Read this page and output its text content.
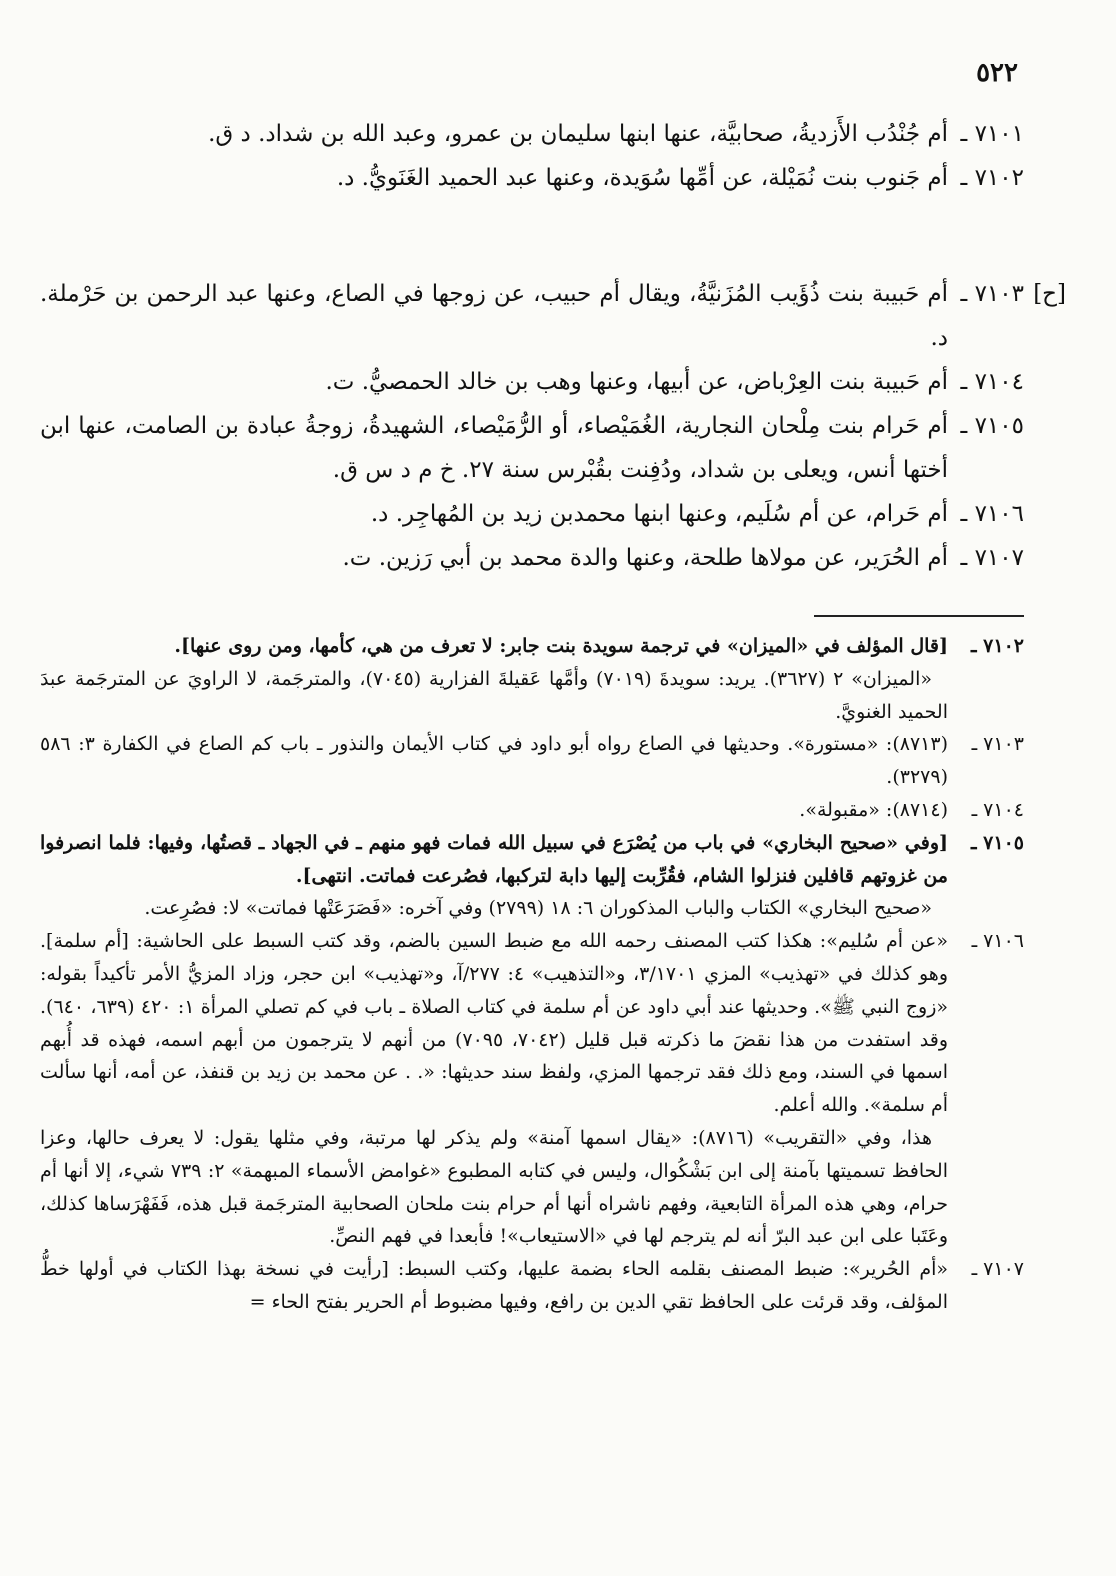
٥٢٢
٧١٠١ ـ
أم جُنْدُب الأَزديةُ، صحابيَّة، عنها ابنها سليمان بن عمرو، وعبد الله بن شداد. د ق.
٧١٠٢ ـ
أم جَنوب بنت نُمَيْلة، عن أمِّها سُوَيدة، وعنها عبد الحميد الغَنَويُّ. د.
[ح]
٧١٠٣ ـ
أم حَبيبة بنت ذُؤَيب المُزَنيَّةُ، ويقال أم حبيب، عن زوجها في الصاع، وعنها عبد الرحمن بن حَرْملة. د.
٧١٠٤ ـ
أم حَبيبة بنت العِرْباض، عن أبيها، وعنها وهب بن خالد الحمصيُّ. ت.
٧١٠٥ ـ
أم حَرام بنت مِلْحان النجارية، الغُمَيْصاء، أو الرُّمَيْصاء، الشهيدةُ، زوجةُ عبادة بن الصامت، عنها ابن أختها أنس، ويعلى بن شداد، ودُفِنت بقُبْرس سنة ٢٧. خ م د س ق.
٧١٠٦ ـ
أم حَرام، عن أم سُلَيم، وعنها ابنها محمدبن زيد بن المُهاجِر. د.
٧١٠٧ ـ
أم الحُرَير، عن مولاها طلحة، وعنها والدة محمد بن أبي رَزين. ت.
٧١٠٢ ـ

[قال المؤلف في «الميزان» في ترجمة سويدة بنت جابر: لا تعرف من هي، كأمها، ومن روى عنها].

«الميزان» ٢ (٣٦٢٧). يريد: سويدةَ (٧٠١٩) وأمَّها عَقيلةَ الفزارية (٧٠٤٥)، والمترجَمة، لا الراويَ عن المترجَمة عبدَ الحميد الغنويَّ.

٧١٠٣ ـ

(٨٧١٣): «مستورة». وحديثها في الصاع رواه أبو داود في كتاب الأيمان والنذور ـ باب كم الصاع في الكفارة ٣: ٥٨٦ (٣٢٧٩).

٧١٠٤ ـ

(٨٧١٤): «مقبولة».

٧١٠٥ ـ

[وفي «صحيح البخاري» في باب من يُصْرَع في سبيل الله فمات فهو منهم ـ في الجهاد ـ قصتُها، وفيها: فلما انصرفوا من غزوتهم قافلين فنزلوا الشام، فقُرِّبت إليها دابة لتركبها، فصُرعت فماتت. انتهى].

«صحيح البخاري» الكتاب والباب المذكوران ٦: ١٨ (٢٧٩٩) وفي آخره: «فَصَرَعَتْها فماتت» لا: فصُرِعت.

٧١٠٦ ـ

«عن أم سُليم»: هكذا كتب المصنف رحمه الله مع ضبط السين بالضم، وقد كتب السبط على الحاشية: [أم سلمة]. وهو كذلك في «تهذيب» المزي ٣/١٧٠١، و«التذهيب» ٤: ٢٧٧/آ، و«تهذيب» ابن حجر، وزاد المزيُّ الأمر تأكيداً بقوله: «زوج النبي ﷺ». وحديثها عند أبي داود عن أم سلمة في كتاب الصلاة ـ باب في كم تصلي المرأة ١: ٤٢٠ (٦٣٩، ٦٤٠). وقد استفدت من هذا نقضَ ما ذكرته قبل قليل (٧٠٤٢، ٧٠٩٥) من أنهم لا يترجمون من أبهم اسمه، فهذه قد أُبهم اسمها في السند، ومع ذلك فقد ترجمها المزي، ولفظ سند حديثها: «. . عن محمد بن زيد بن قنفذ، عن أمه، أنها سألت أم سلمة». والله أعلم.

هذا، وفي «التقريب» (٨٧١٦): «يقال اسمها آمنة» ولم يذكر لها مرتبة، وفي مثلها يقول: لا يعرف حالها، وعزا الحافظ تسميتها بآمنة إلى ابن بَشْكُوال، وليس في كتابه المطبوع «غوامض الأسماء المبهمة» ٢: ٧٣٩ شيء، إلا أنها أم حرام، وهي هذه المرأة التابعية، وفهم ناشراه أنها أم حرام بنت ملحان الصحابية المترجَمة قبل هذه، فَفَهْرَساها كذلك، وعَتَبا على ابن عبد البرّ أنه لم يترجم لها في «الاستيعاب»! فأبعدا في فهم النصِّ.

٧١٠٧ ـ

«أم الحُرير»: ضبط المصنف بقلمه الحاء بضمة عليها، وكتب السبط: [رأيت في نسخة بهذا الكتاب في أولها خطُّ المؤلف، وقد قرئت على الحافظ تقي الدين بن رافع، وفيها مضبوط أم الحرير بفتح الحاء =
